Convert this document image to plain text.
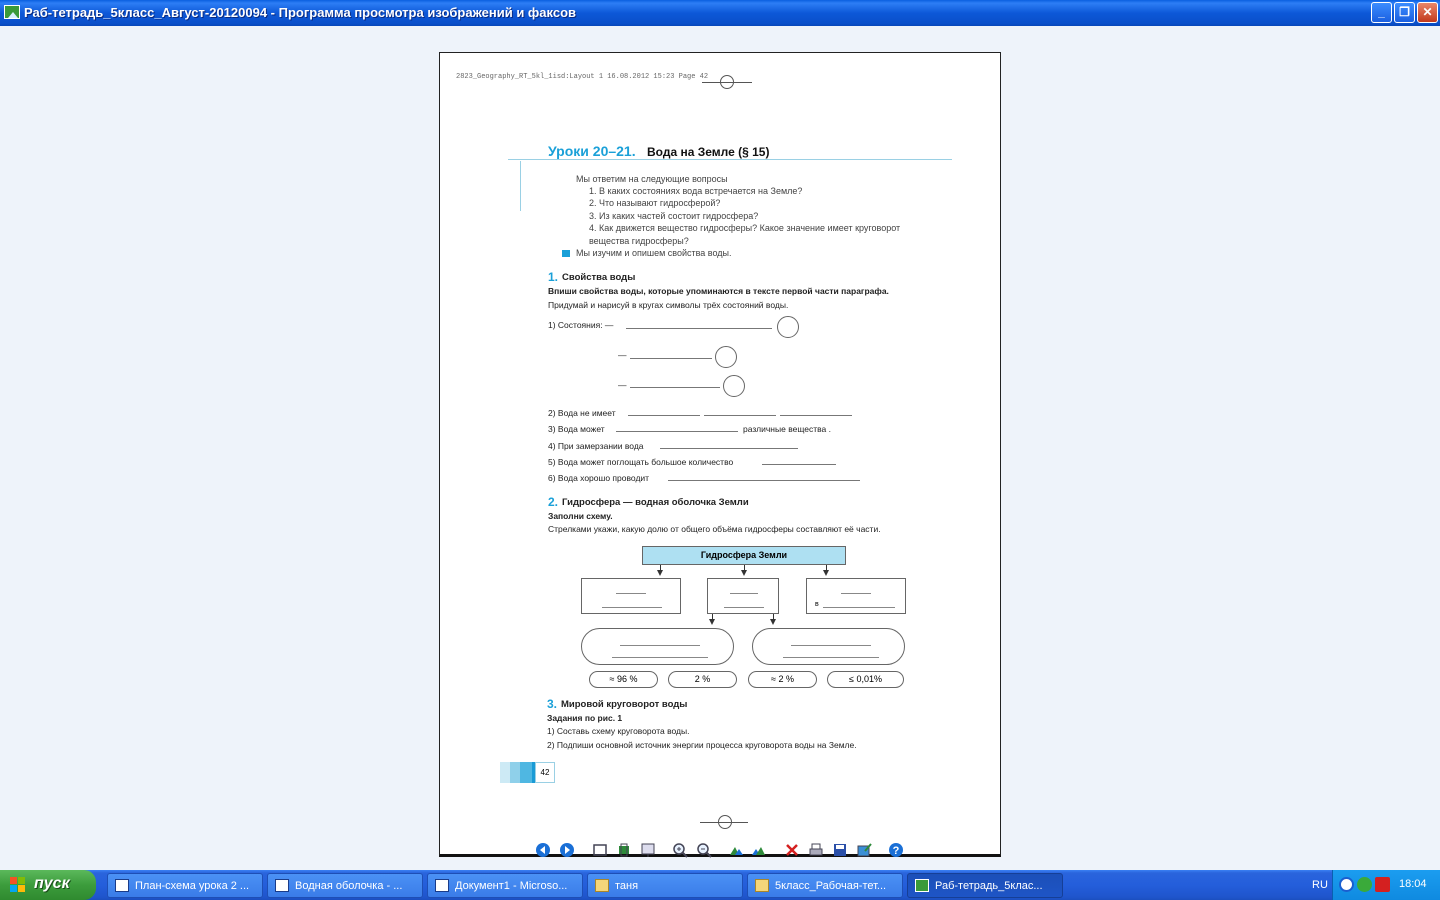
Раб-тетрадь_5класс_Август-20120094 - Программа просмотра изображений и факсов	_	❐	✕
2823_Geography_RT_5kl_1isd:Layout 1 16.08.2012 15:23 Page 42
Уроки 20–21. Вода на Земле (§ 15)
Мы ответим на следующие вопросы
1. В каких состояниях вода встречается на Земле?
2. Что называют гидросферой?
3. Из каких частей состоит гидросфера?
4. Как движется вещество гидросферы? Какое значение имеет круговорот
вещества гидросферы?
Мы изучим и опишем свойства воды.
1. Свойства воды
Впиши свойства воды, которые упоминаются в тексте первой части параграфа.
Придумай и нарисуй в кругах символы трёх состояний воды.
1) Состояния: —
—
—
2) Вода не имеет
3) Вода может	различные вещества .
4) При замерзании вода
5) Вода может поглощать большое количество
6) Вода хорошо проводит
2. Гидросфера — водная оболочка Земли
Заполни схему.
Стрелками укажи, какую долю от общего объёма гидросферы составляют её части.
Гидросфера Земли
в
≈ 96 %	2 %	≈ 2 %	≤ 0,01%
3. Мировой круговорот воды
Задания по рис. 1
1) Составь схему круговорота воды.
2) Подпиши основной источник энергии процесса круговорота воды на Земле.
42
?
пуск	План-схема урока 2 ...	Водная оболочка - ...	Документ1 - Microso...	таня	5класс_Рабочая-тет...	Раб-тетрадь_5клас...	RU	18:04
